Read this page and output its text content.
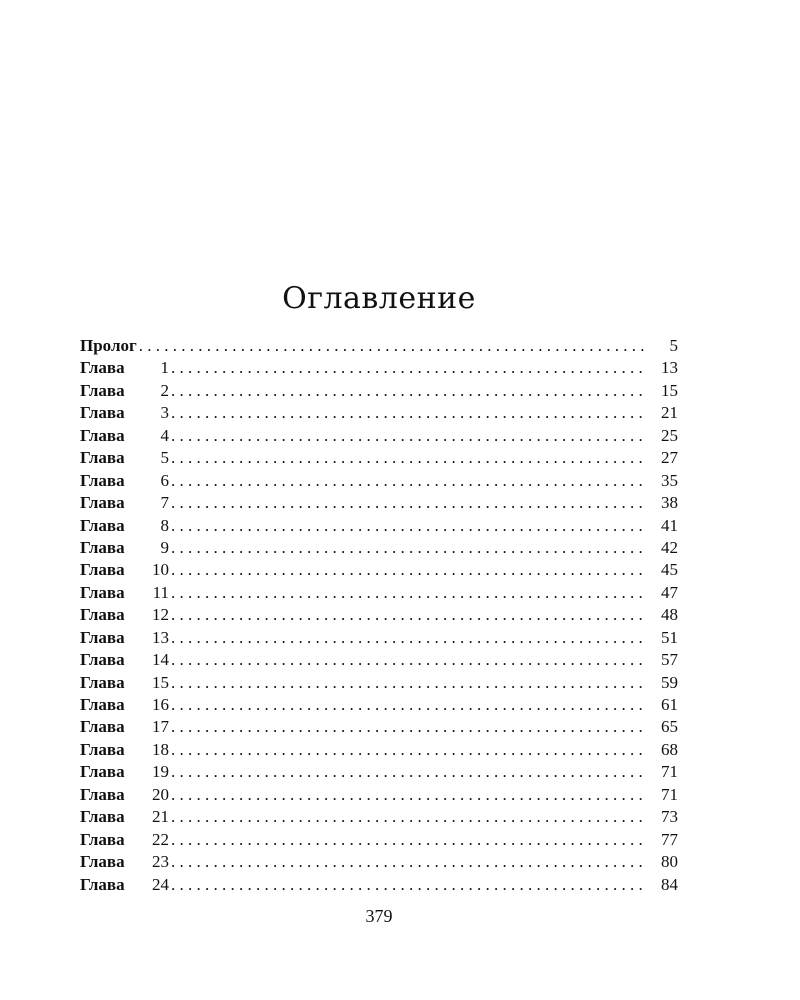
Оглавление
Пролог . . .	5
Глава 1 . . .	13
Глава 2 . . .	15
Глава 3 . . .	21
Глава 4 . . .	25
Глава 5 . . .	27
Глава 6 . . .	35
Глава 7 . . .	38
Глава 8 . . .	41
Глава 9 . . .	42
Глава 10 . . .	45
Глава 11 . . .	47
Глава 12 . . .	48
Глава 13 . . .	51
Глава 14 . . .	57
Глава 15 . . .	59
Глава 16 . . .	61
Глава 17 . . .	65
Глава 18 . . .	68
Глава 19 . . .	71
Глава 20 . . .	71
Глава 21 . . .	73
Глава 22 . . .	77
Глава 23 . . .	80
Глава 24 . . .	84

379
